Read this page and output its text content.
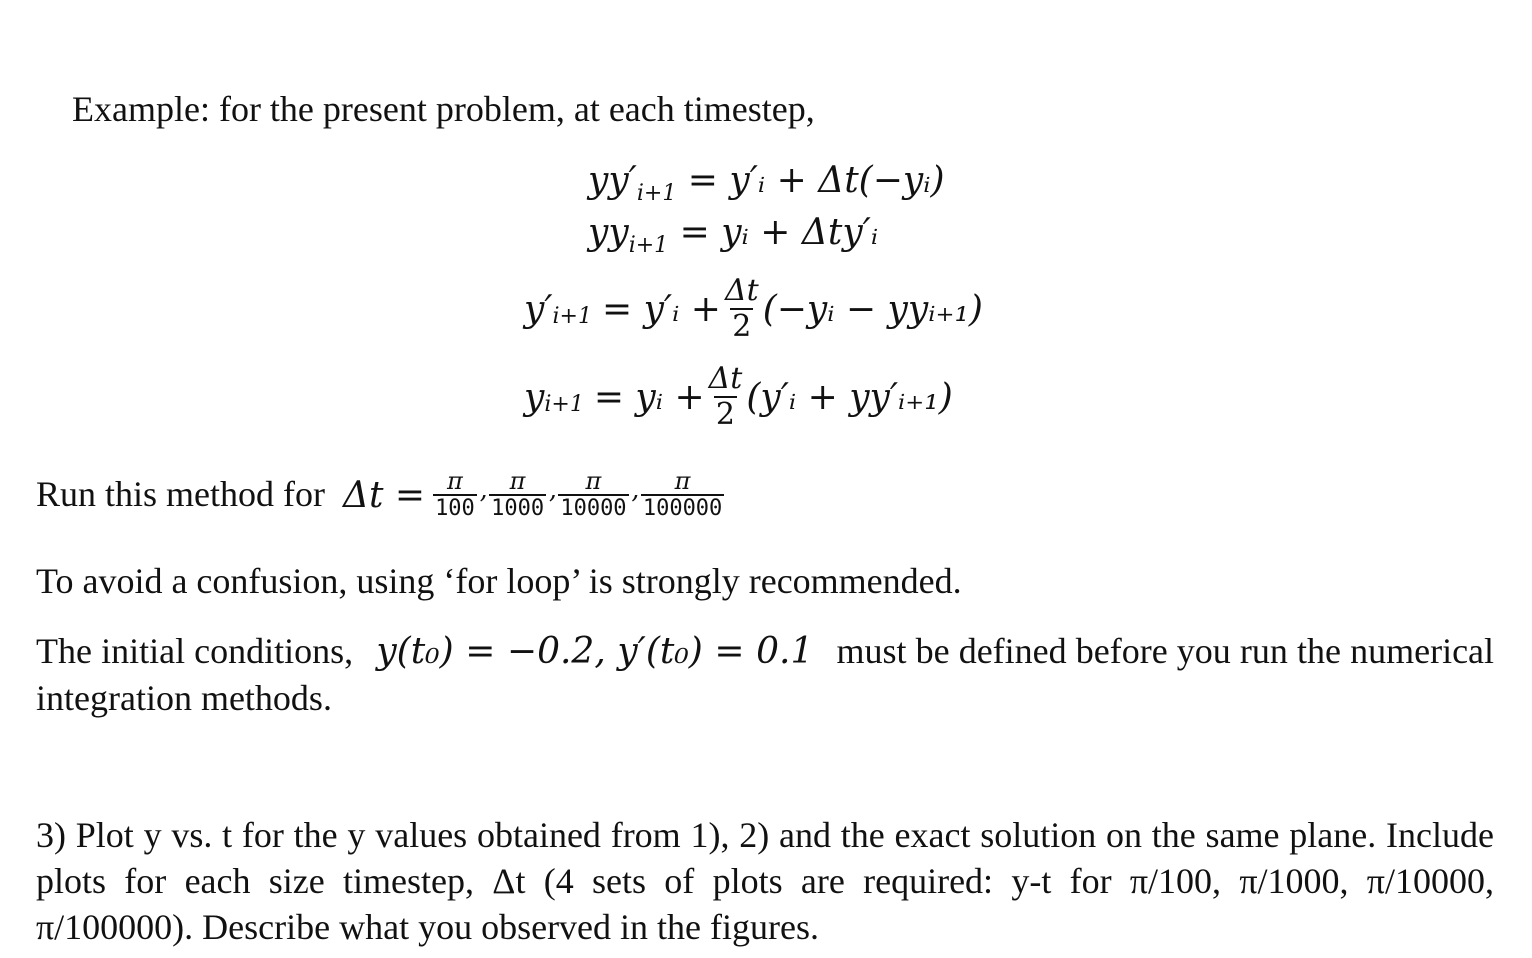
Example: for the present problem, at each timestep,
$yy'_{i+1}$ = y′ᵢ + Δt(−yᵢ)
$yy_{i+1}$ = yᵢ + Δty′ᵢ
y′ i+1 = y′ᵢ + $\frac{\Delta t}{2}$ (−yᵢ − yyᵢ₊₁)
y i+1 = yᵢ + $\frac{\Delta t}{2}$ (y′ᵢ + yy′ᵢ₊₁)
Run this method for $\Delta t = \frac{\pi}{100}$ ’ $\frac{\pi}{1000}$ ’ $\frac{\pi}{10000}$ ’ $\frac{\pi}{100000}$
To avoid a confusion, using ‘for loop’ is strongly recommended.
The initial conditions, y(t₀) = −0.2, y′(t₀) = 0.1 must be defined before you run the numerical integration methods.
3) Plot y vs. t for the y values obtained from 1), 2) and the exact solution on the same plane. Include plots for each size timestep, Δt (4 sets of plots are required: y-t for π/100, π/1000, π/10000, π/100000). Describe what you observed in the figures.
